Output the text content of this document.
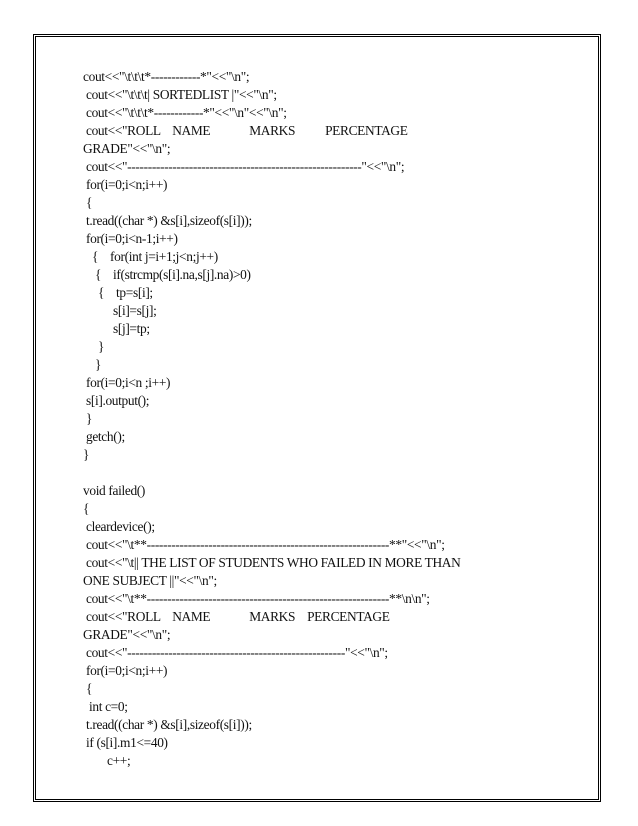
cout<<"\t\t\t*------------*"<<"\n";
cout<<"\t\t\t| SORTEDLIST |"<<"\n";
cout<<"\t\t\t*------------*"<<"\n"<<"\n";
cout<<"ROLL    NAME             MARKS          PERCENTAGE
GRADE"<<"\n";
cout<<"---------------------------------------------------------"<<"\n";
for(i=0;i<n;i++)
{
t.read((char *) &s[i],sizeof(s[i]));
for(i=0;i<n-1;i++)
{    for(int j=i+1;j<n;j++)
{    if(strcmp(s[i].na,s[j].na)>0)
{    tp=s[i];
s[i]=s[j];
s[j]=tp;
}
}
for(i=0;i<n ;i++)
s[i].output();
}
getch();
}
void failed()
{
cleardevice();
cout<<"\t**-----------------------------------------------------------**"<<"\n";
cout<<"\t|| THE LIST OF STUDENTS WHO FAILED IN MORE THAN
ONE SUBJECT ||"<<"\n";
cout<<"\t**-----------------------------------------------------------**\n\n";
cout<<"ROLL    NAME             MARKS    PERCENTAGE
GRADE"<<"\n";
cout<<"-----------------------------------------------------"<<"\n";
for(i=0;i<n;i++)
{
int c=0;
t.read((char *) &s[i],sizeof(s[i]));
if (s[i].m1<=40)
c++;
